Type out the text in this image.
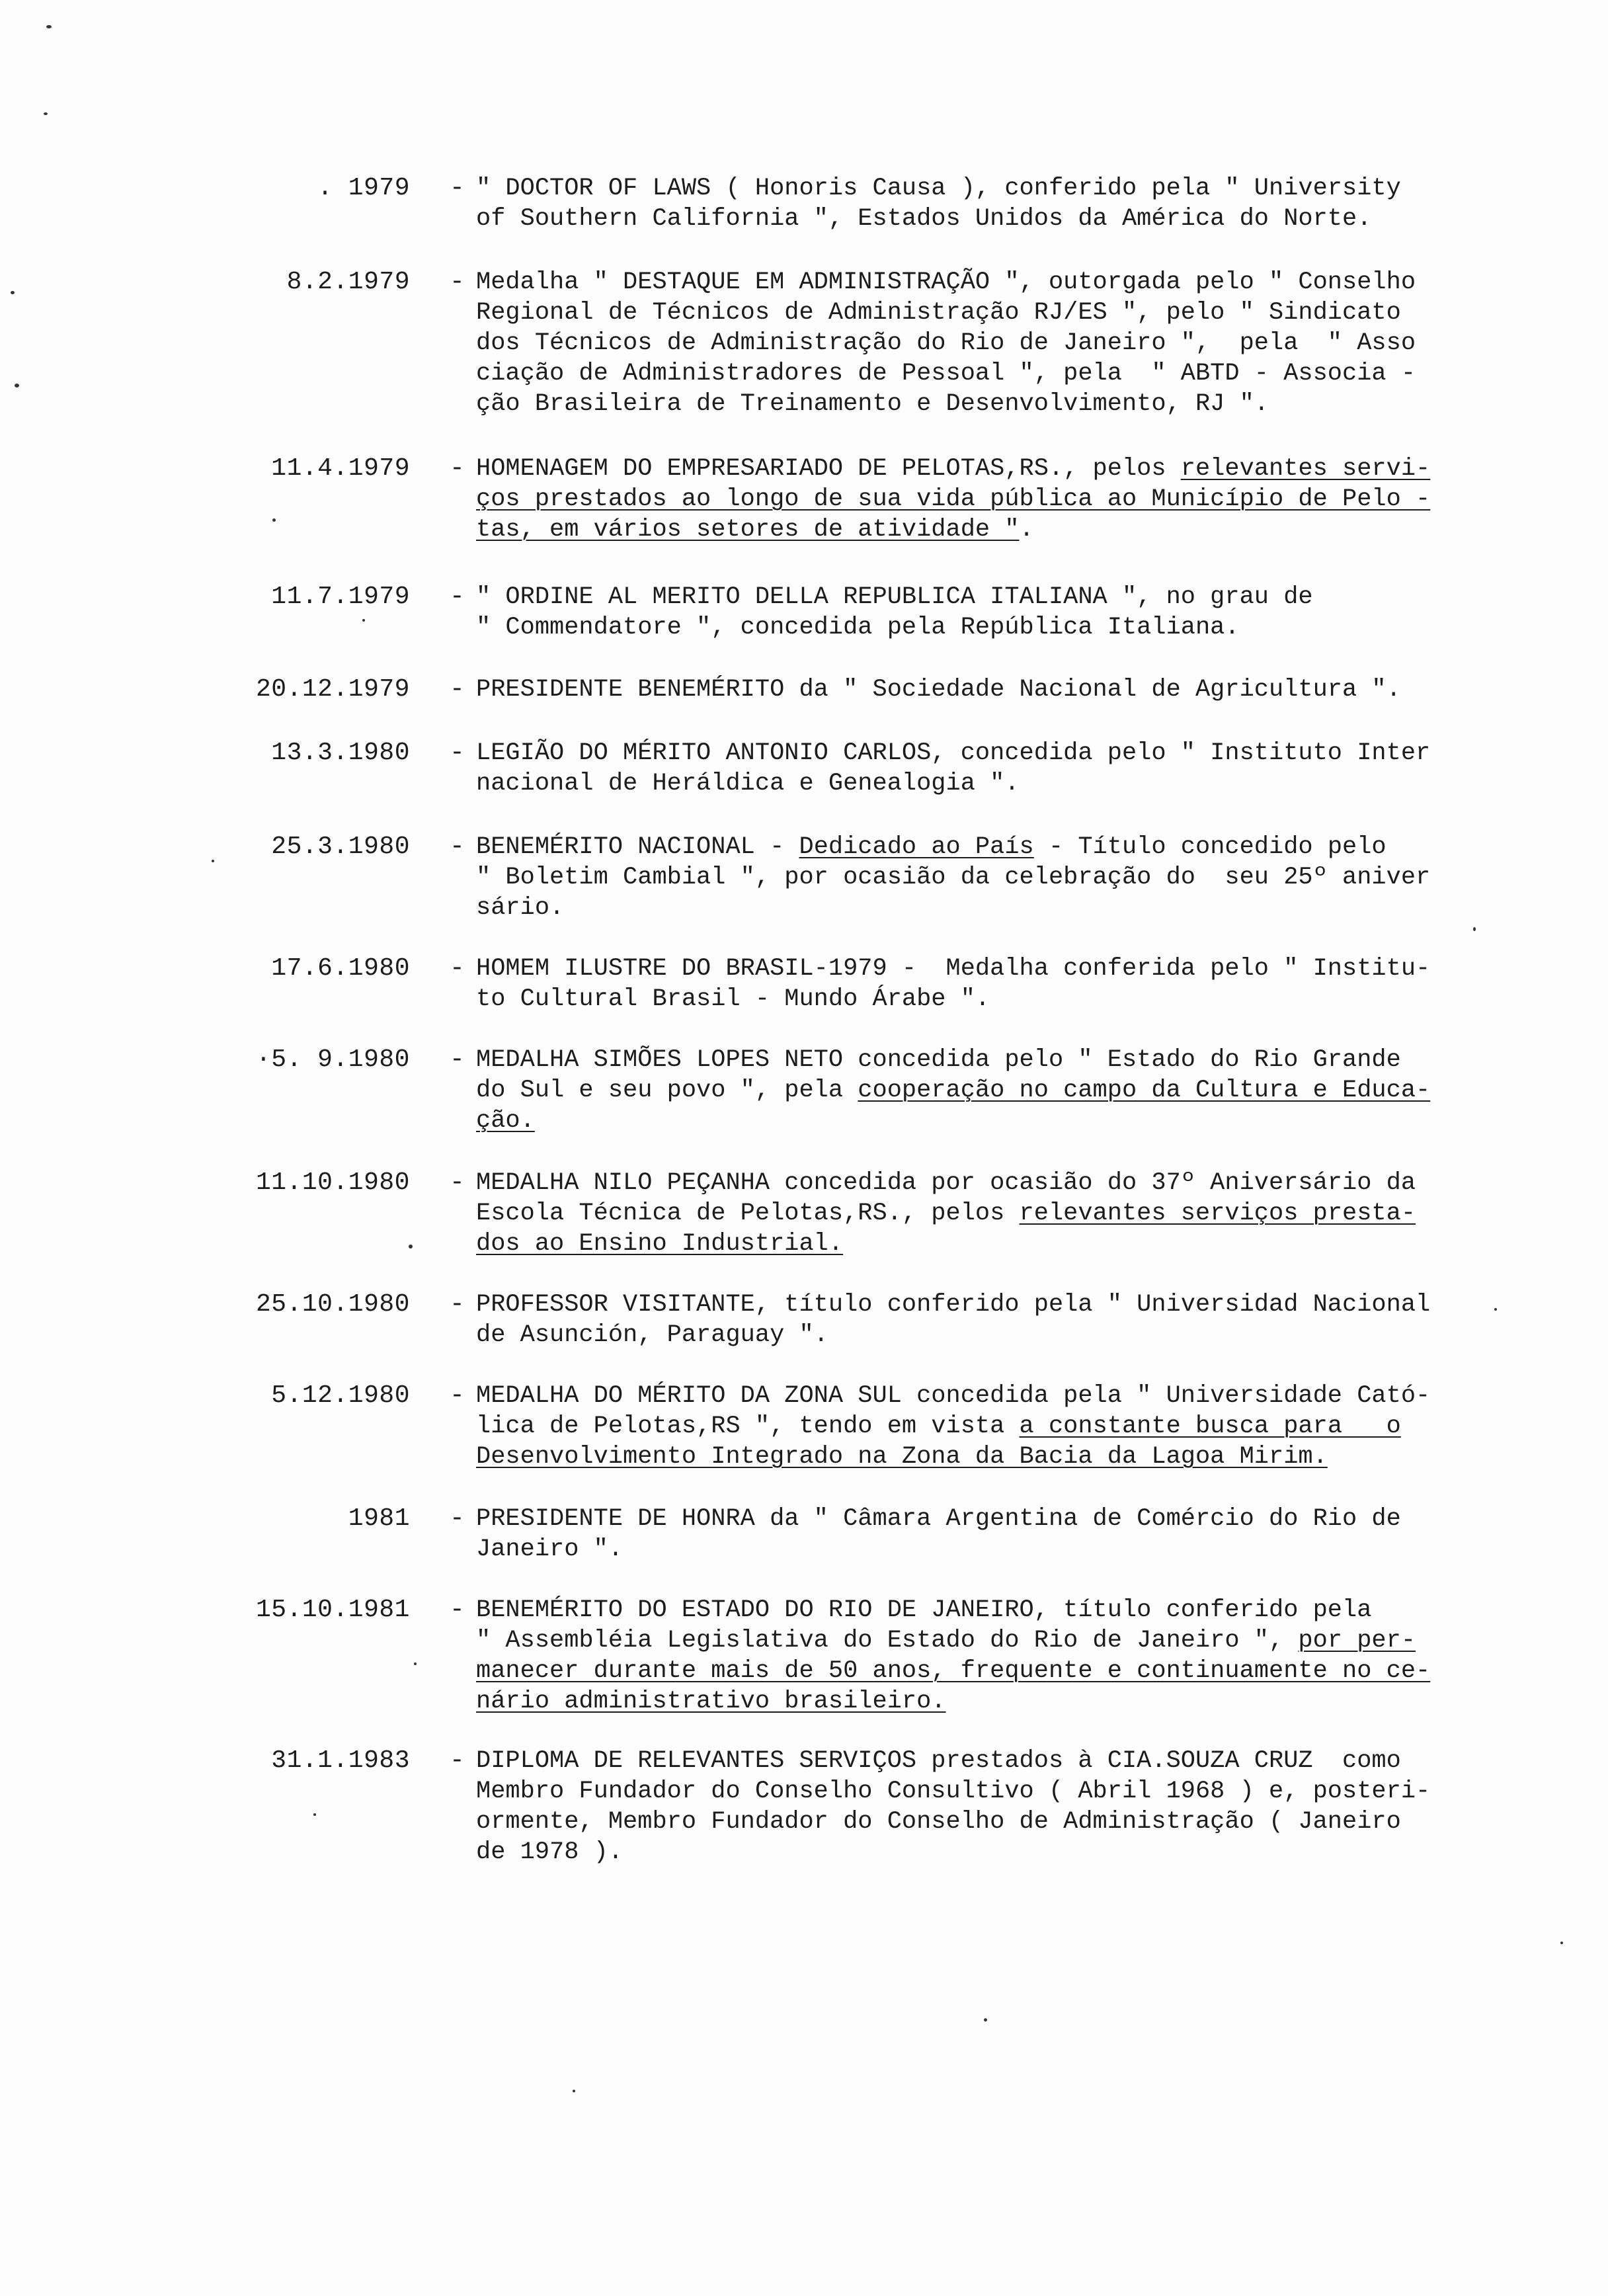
. 1979 - " DOCTOR OF LAWS ( Honoris Causa ), conferido pela " University
of Southern California ", Estados Unidos da América do Norte.
8.2.1979 - Medalha " DESTAQUE EM ADMINISTRAÇÃO ", outorgada pelo " Conselho
Regional de Técnicos de Administração RJ/ES ", pelo " Sindicato
dos Técnicos de Administração do Rio de Janeiro ",  pela  " Asso
ciação de Administradores de Pessoal ", pela  " ABTD - Associa -
ção Brasileira de Treinamento e Desenvolvimento, RJ ".
11.4.1979 - HOMENAGEM DO EMPRESARIADO DE PELOTAS,RS., pelos relevantes servi-
ços prestados ao longo de sua vida pública ao Município de Pelo -
tas, em vários setores de atividade ".
11.7.1979 - " ORDINE AL MERITO DELLA REPUBLICA ITALIANA ", no grau de
" Commendatore ", concedida pela República Italiana.
20.12.1979 - PRESIDENTE BENEMÉRITO da " Sociedade Nacional de Agricultura ".
13.3.1980 - LEGIÃO DO MÉRITO ANTONIO CARLOS, concedida pelo " Instituto Inter
nacional de Heráldica e Genealogia ".
25.3.1980 - BENEMÉRITO NACIONAL - Dedicado ao País - Título concedido pelo
" Boletim Cambial ", por ocasião da celebração do  seu 25º aniver
sário.
17.6.1980 - HOMEM ILUSTRE DO BRASIL-1979 -  Medalha conferida pelo " Institu-
to Cultural Brasil - Mundo Árabe ".
·5. 9.1980 - MEDALHA SIMÕES LOPES NETO concedida pelo " Estado do Rio Grande
do Sul e seu povo ", pela cooperação no campo da Cultura e Educa-
ção.
11.10.1980 - MEDALHA NILO PEÇANHA concedida por ocasião do 37º Aniversário da
Escola Técnica de Pelotas,RS., pelos relevantes serviços presta-
dos ao Ensino Industrial.
25.10.1980 - PROFESSOR VISITANTE, título conferido pela " Universidad Nacional
de Asunción, Paraguay ".
5.12.1980 - MEDALHA DO MÉRITO DA ZONA SUL concedida pela " Universidade Cató-
lica de Pelotas,RS ", tendo em vista a constante busca para   o
Desenvolvimento Integrado na Zona da Bacia da Lagoa Mirim.
1981 - PRESIDENTE DE HONRA da " Câmara Argentina de Comércio do Rio de
Janeiro ".
15.10.1981 - BENEMÉRITO DO ESTADO DO RIO DE JANEIRO, título conferido pela
" Assembléia Legislativa do Estado do Rio de Janeiro ", por per-
manecer durante mais de 50 anos, frequente e continuamente no ce-
nário administrativo brasileiro.
31.1.1983 - DIPLOMA DE RELEVANTES SERVIÇOS prestados à CIA.SOUZA CRUZ  como
Membro Fundador do Conselho Consultivo ( Abril 1968 ) e, posteri-
ormente, Membro Fundador do Conselho de Administração ( Janeiro
de 1978 ).
